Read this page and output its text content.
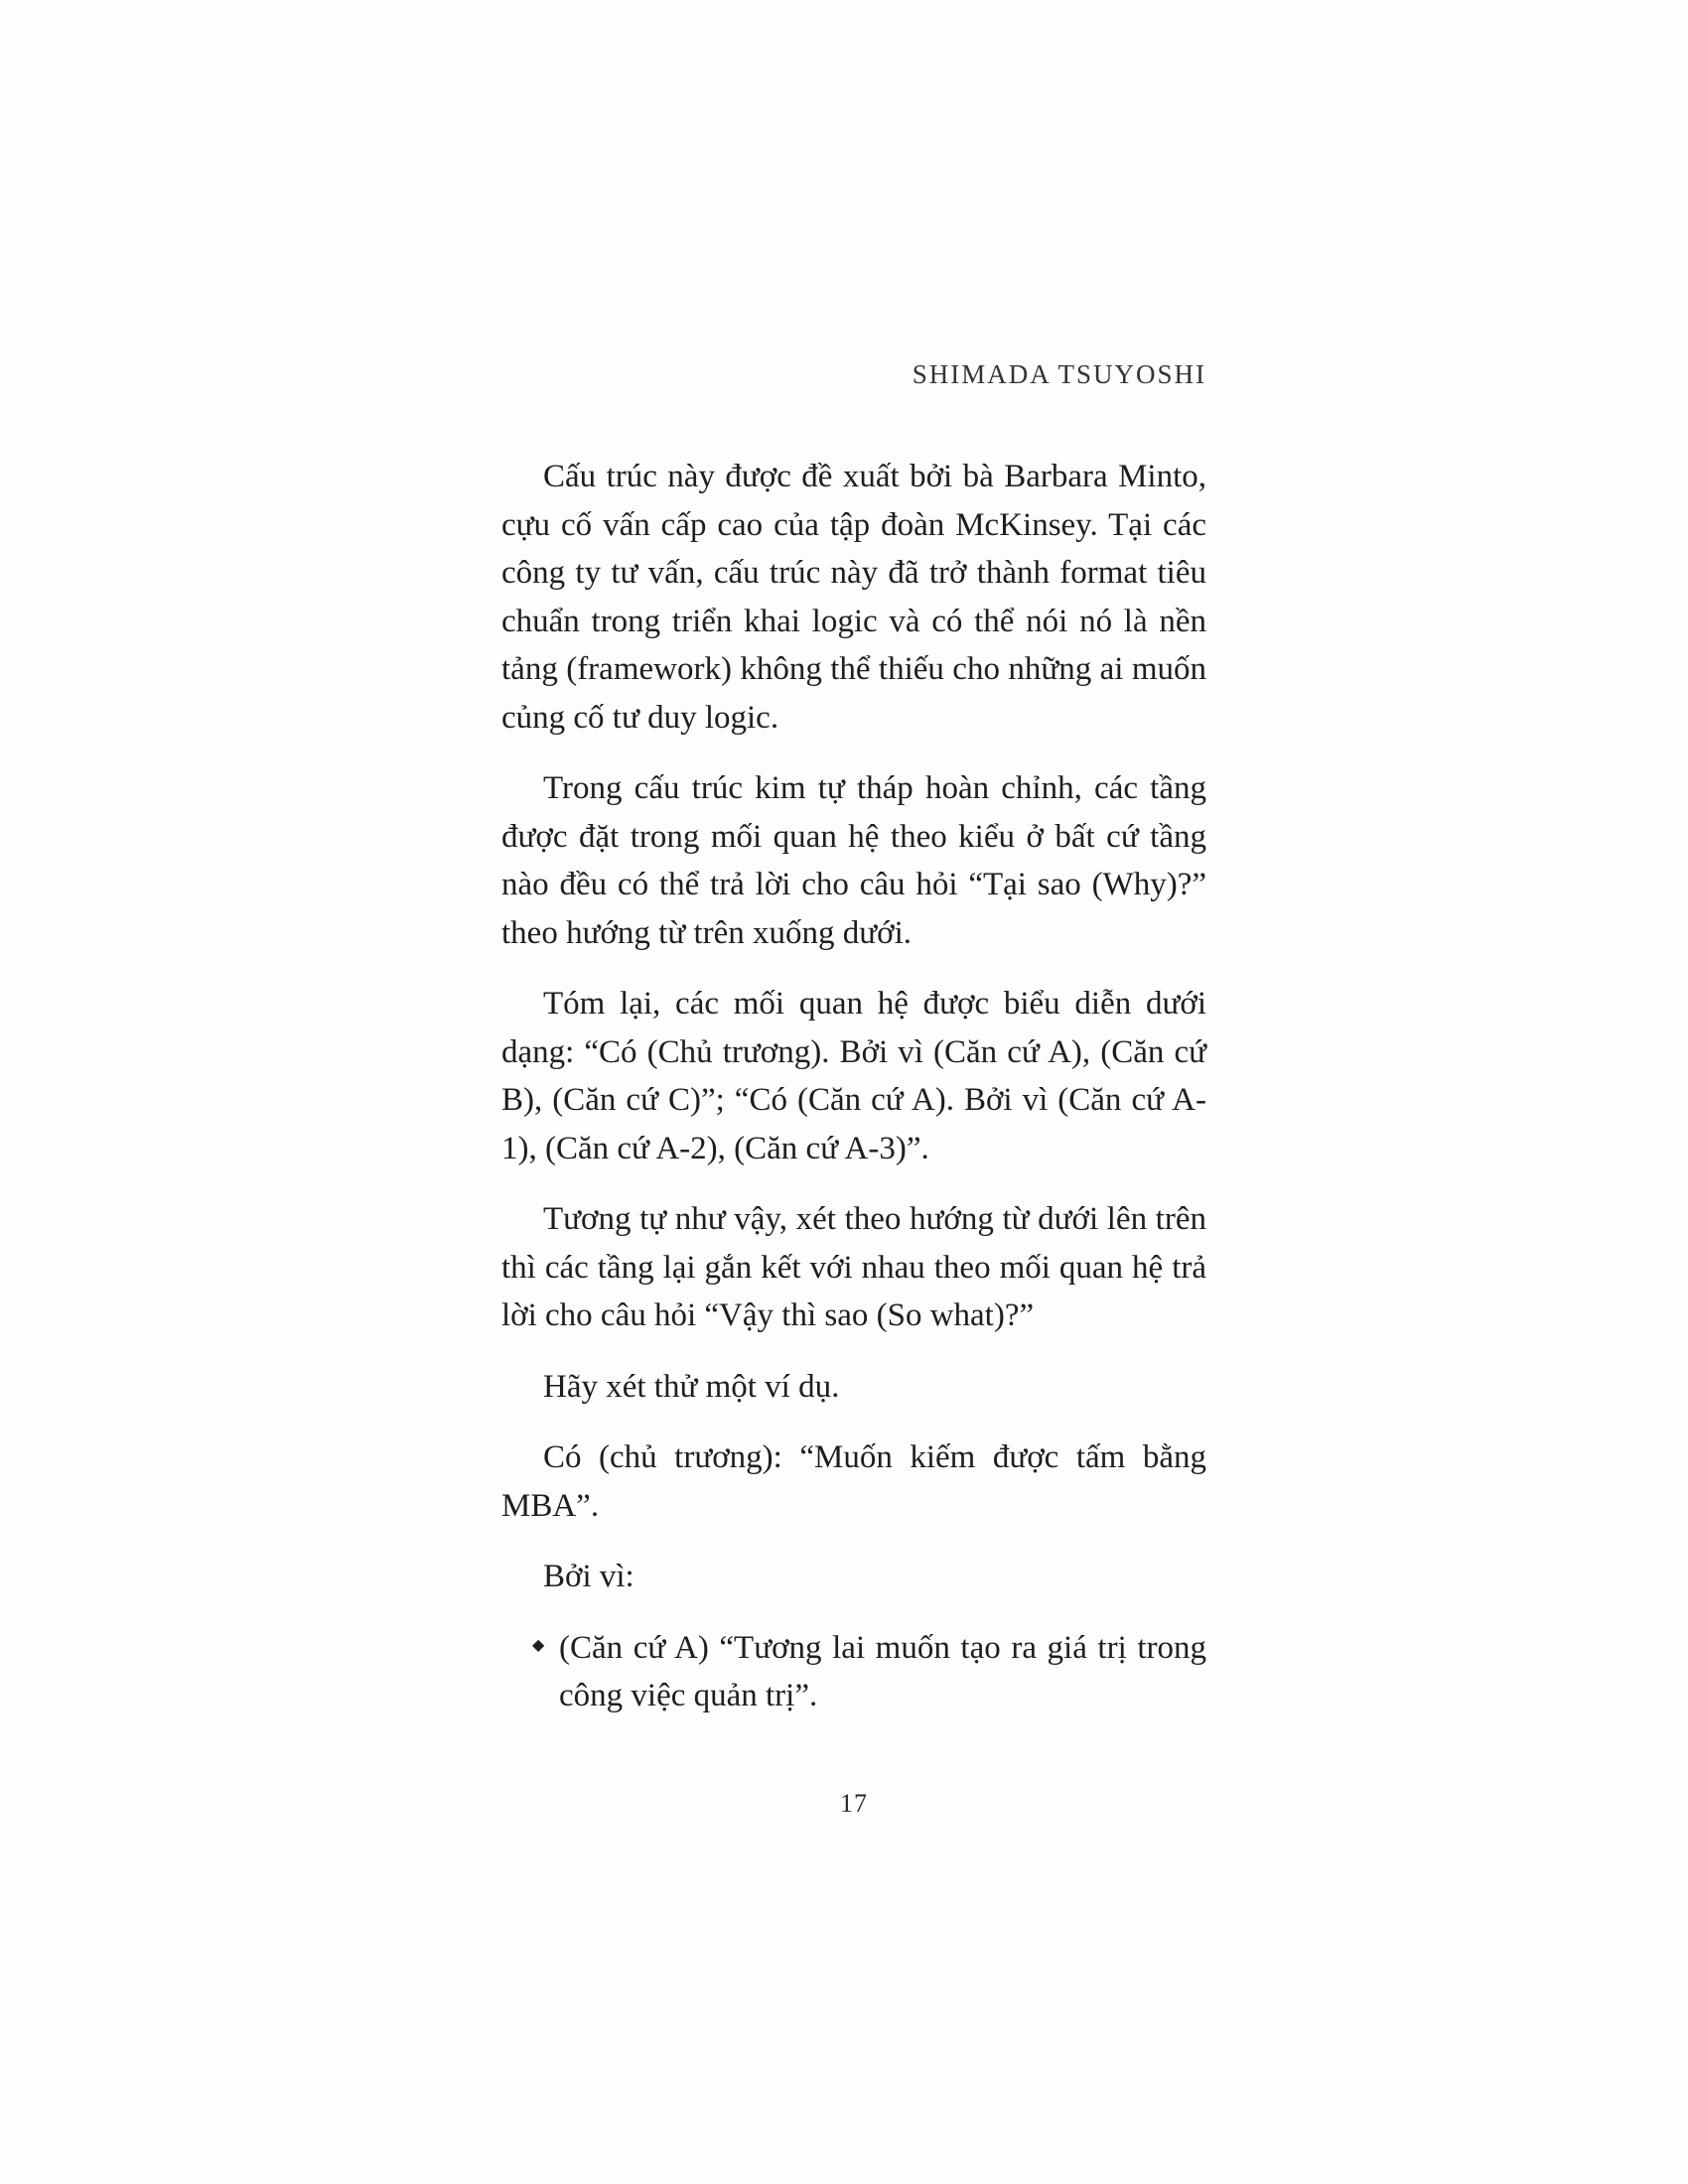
SHIMADA TSUYOSHI

Cấu trúc này được đề xuất bởi bà Barbara Minto, cựu cố vấn cấp cao của tập đoàn McKinsey. Tại các công ty tư vấn, cấu trúc này đã trở thành format tiêu chuẩn trong triển khai logic và có thể nói nó là nền tảng (framework) không thể thiếu cho những ai muốn củng cố tư duy logic.

Trong cấu trúc kim tự tháp hoàn chỉnh, các tầng được đặt trong mối quan hệ theo kiểu ở bất cứ tầng nào đều có thể trả lời cho câu hỏi “Tại sao (Why)?” theo hướng từ trên xuống dưới.

Tóm lại, các mối quan hệ được biểu diễn dưới dạng: “Có (Chủ trương). Bởi vì (Căn cứ A), (Căn cứ B), (Căn cứ C)”; “Có (Căn cứ A). Bởi vì (Căn cứ A-1), (Căn cứ A-2), (Căn cứ A-3)”.

Tương tự như vậy, xét theo hướng từ dưới lên trên thì các tầng lại gắn kết với nhau theo mối quan hệ trả lời cho câu hỏi “Vậy thì sao (So what)?”

Hãy xét thử một ví dụ.

Có (chủ trương): “Muốn kiếm được tấm bằng MBA”.

Bởi vì:

◆ (Căn cứ A) “Tương lai muốn tạo ra giá trị trong công việc quản trị”.
17
